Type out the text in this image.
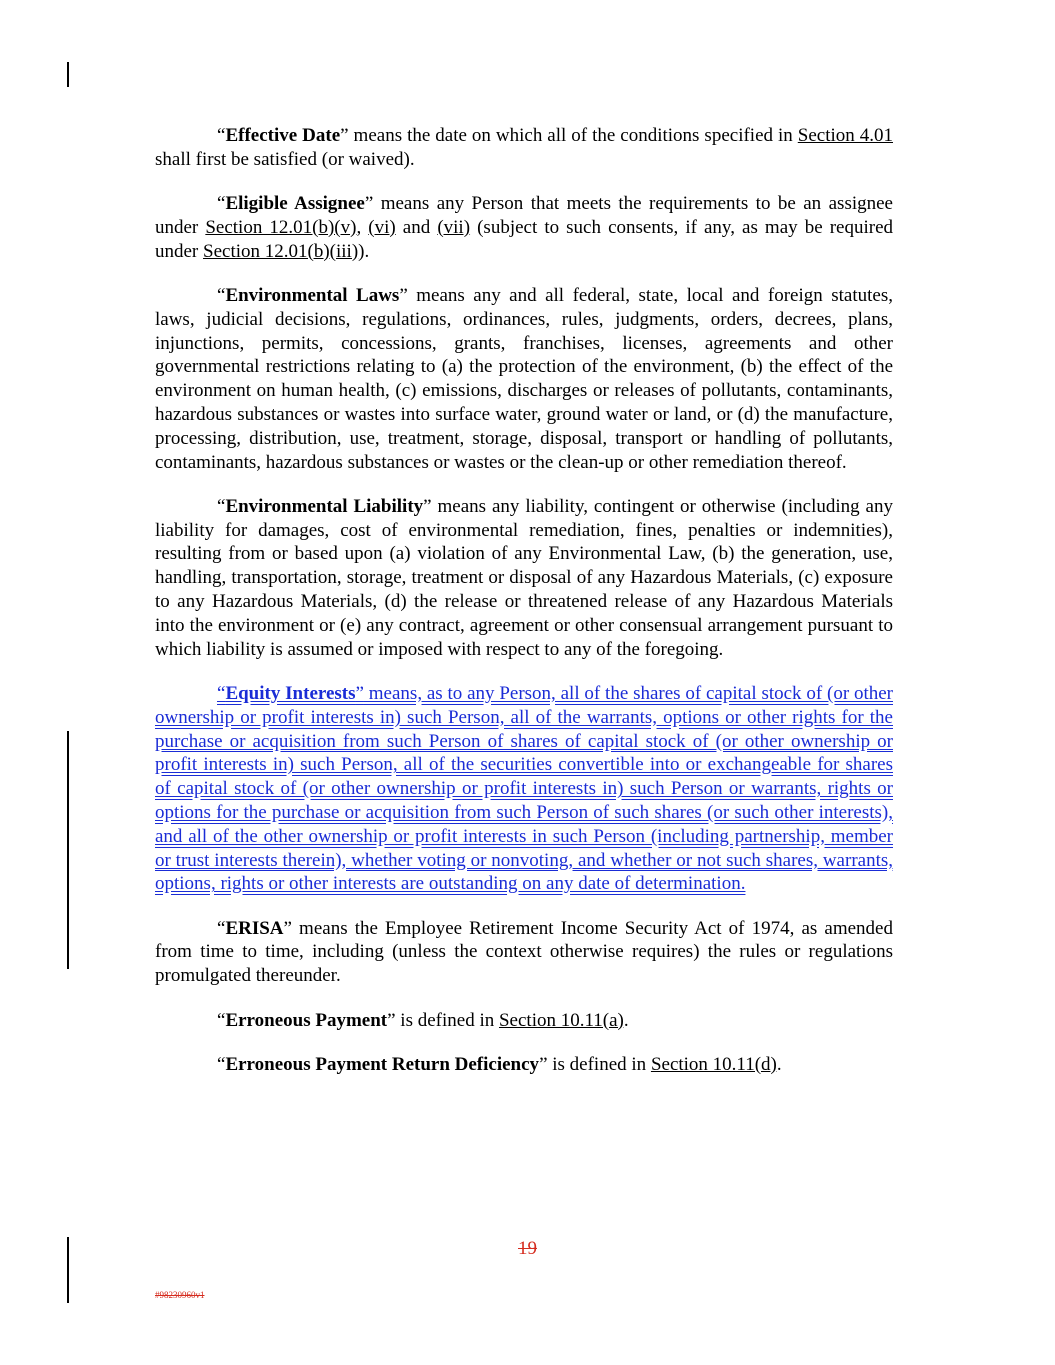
“Effective Date” means the date on which all of the conditions specified in Section 4.01 shall first be satisfied (or waived).

“Eligible Assignee” means any Person that meets the requirements to be an assignee under Section 12.01(b)(v), (vi) and (vii) (subject to such consents, if any, as may be required under Section 12.01(b)(iii)).

“Environmental Laws” means any and all federal, state, local and foreign statutes, laws, judicial decisions, regulations, ordinances, rules, judgments, orders, decrees, plans, injunctions, permits, concessions, grants, franchises, licenses, agreements and other governmental restrictions relating to (a) the protection of the environment, (b) the effect of the environment on human health, (c) emissions, discharges or releases of pollutants, contaminants, hazardous substances or wastes into surface water, ground water or land, or (d) the manufacture, processing, distribution, use, treatment, storage, disposal, transport or handling of pollutants, contaminants, hazardous substances or wastes or the clean-up or other remediation thereof.

“Environmental Liability” means any liability, contingent or otherwise (including any liability for damages, cost of environmental remediation, fines, penalties or indemnities), resulting from or based upon (a) violation of any Environmental Law, (b) the generation, use, handling, transportation, storage, treatment or disposal of any Hazardous Materials, (c) exposure to any Hazardous Materials, (d) the release or threatened release of any Hazardous Materials into the environment or (e) any contract, agreement or other consensual arrangement pursuant to which liability is assumed or imposed with respect to any of the foregoing.

“Equity Interests” means, as to any Person, all of the shares of capital stock of (or other ownership or profit interests in) such Person, all of the warrants, options or other rights for the purchase or acquisition from such Person of shares of capital stock of (or other ownership or profit interests in) such Person, all of the securities convertible into or exchangeable for shares of capital stock of (or other ownership or profit interests in) such Person or warrants, rights or options for the purchase or acquisition from such Person of such shares (or such other interests), and all of the other ownership or profit interests in such Person (including partnership, member or trust interests therein), whether voting or nonvoting, and whether or not such shares, warrants, options, rights or other interests are outstanding on any date of determination.

“ERISA” means the Employee Retirement Income Security Act of 1974, as amended from time to time, including (unless the context otherwise requires) the rules or regulations promulgated thereunder.

“Erroneous Payment” is defined in Section 10.11(a).

“Erroneous Payment Return Deficiency” is defined in Section 10.11(d).

19
#98230960v1
